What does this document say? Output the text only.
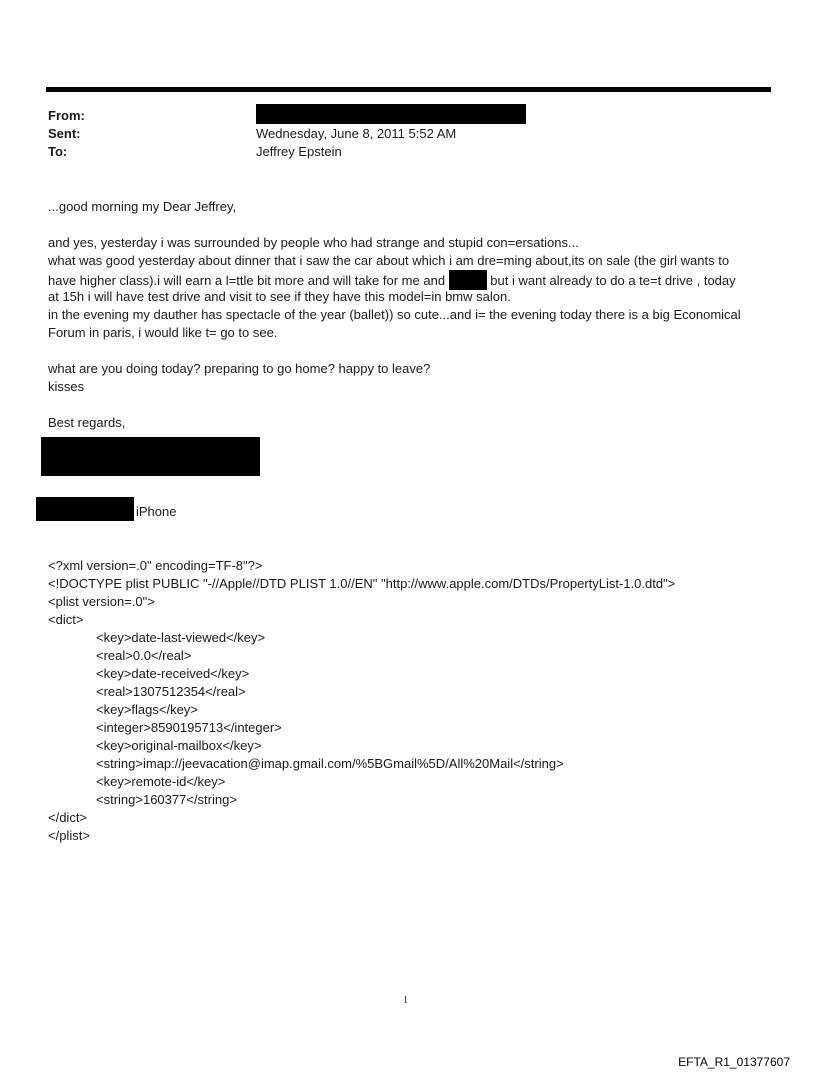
From:
Sent:	Wednesday, June 8, 2011 5:52 AM
To:	Jeffrey Epstein
...good morning my Dear Jeffrey,
and yes, yesterday i was surrounded by people who had strange and stupid con=ersations...
what was good yesterday about dinner that i saw the car about which i am dre=ming about,its on sale (the girl wants to
have higher class).i will earn a l=ttle bit more and will take for me and	but i want already to do a te=t drive , today
at 15h i will have test drive and visit to see if they have this model=in bmw salon.
in the evening my dauther has spectacle of the year (ballet)) so cute...and i= the evening today there is a big Economical
Forum in paris, i would like t= go to see.
what are you doing today? preparing to go home? happy to leave?
kisses
Best regards,
iPhone
<?xml version=.0" encoding=TF-8"?>
<!DOCTYPE plist PUBLIC "-//Apple//DTD PLIST 1.0//EN" "http://www.apple.com/DTDs/PropertyList-1.0.dtd">
<plist version=.0">
<dict>
<key>date-last-viewed</key>
<real>0.0</real>
<key>date-received</key>
<real>1307512354</real>
<key>flags</key>
<integer>8590195713</integer>
<key>original-mailbox</key>
<string>imap://jeevacation@imap.gmail.com/%5BGmail%5D/All%20Mail</string>
<key>remote-id</key>
<string>160377</string>
</dict>
</plist>
1
EFTA_R1_01377607
